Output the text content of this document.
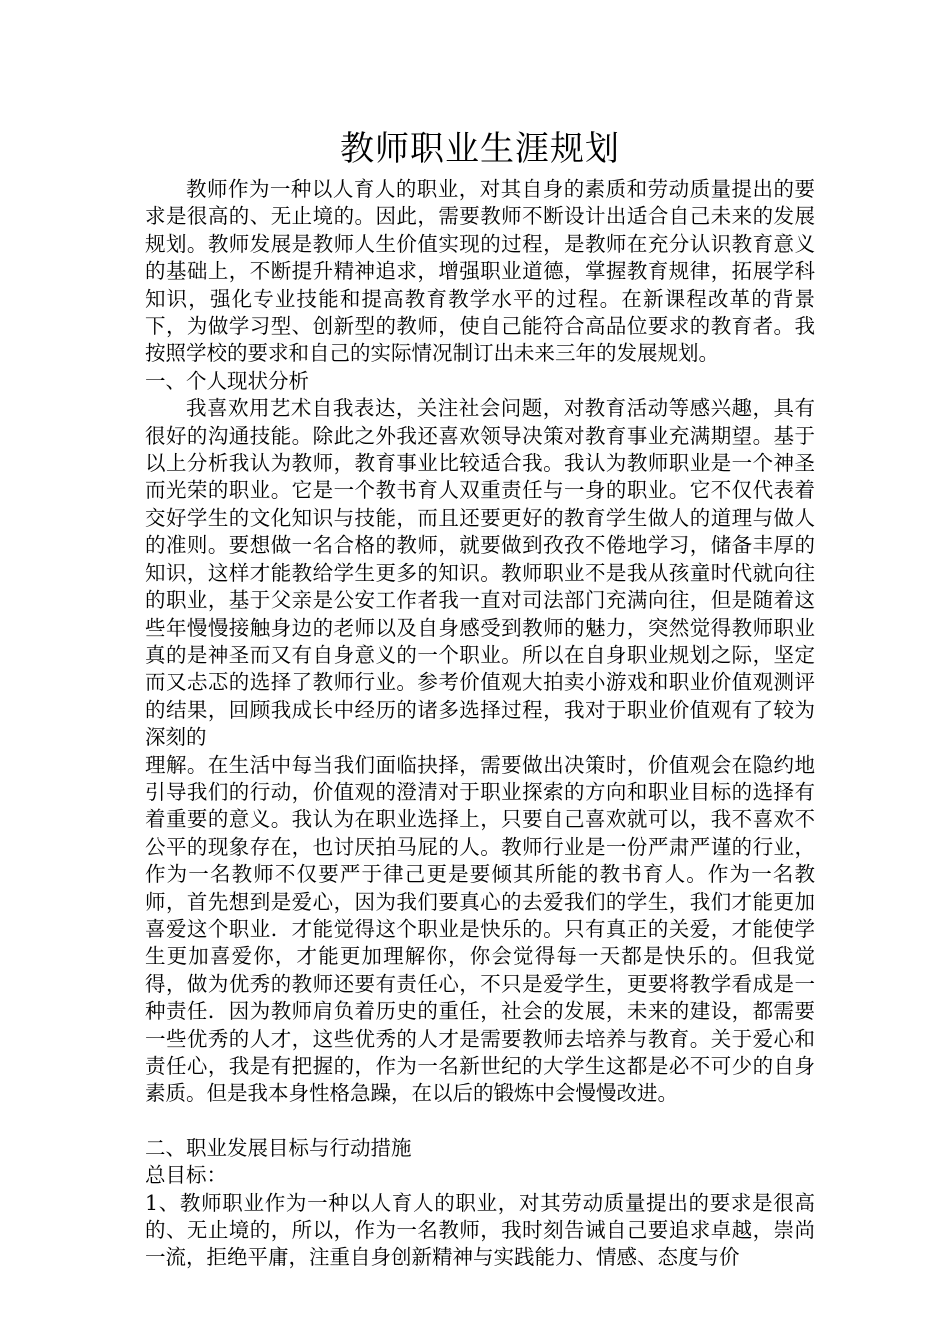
教师职业生涯规划

教师作为一种以人育人的职业，对其自身的素质和劳动质量提出的要求是很高的、无止境的。因此，需要教师不断设计出适合自己未来的发展规划。教师发展是教师人生价值实现的过程，是教师在充分认识教育意义的基础上，不断提升精神追求，增强职业道德，掌握教育规律，拓展学科知识，强化专业技能和提高教育教学水平的过程。在新课程改革的背景下，为做学习型、创新型的教师，使自己能符合高品位要求的教育者。我按照学校的要求和自己的实际情况制订出未来三年的发展规划。

一、个人现状分析

我喜欢用艺术自我表达，关注社会问题，对教育活动等感兴趣，具有很好的沟通技能。除此之外我还喜欢领导决策对教育事业充满期望。基于以上分析我认为教师，教育事业比较适合我。我认为教师职业是一个神圣而光荣的职业。它是一个教书育人双重责任与一身的职业。它不仅代表着交好学生的文化知识与技能，而且还要更好的教育学生做人的道理与做人的准则。要想做一名合格的教师，就要做到孜孜不倦地学习，储备丰厚的知识，这样才能教给学生更多的知识。教师职业不是我从孩童时代就向往的职业，基于父亲是公安工作者我一直对司法部门充满向往，但是随着这些年慢慢接触身边的老师以及自身感受到教师的魅力，突然觉得教师职业真的是神圣而又有自身意义的一个职业。所以在自身职业规划之际，坚定而又忐忑的选择了教师行业。参考价值观大拍卖小游戏和职业价值观测评的结果，回顾我成长中经历的诸多选择过程，我对于职业价值观有了较为深刻的

理解。在生活中每当我们面临抉择，需要做出决策时，价值观会在隐约地引导我们的行动，价值观的澄清对于职业探索的方向和职业目标的选择有着重要的意义。我认为在职业选择上，只要自己喜欢就可以，我不喜欢不公平的现象存在，也讨厌拍马屁的人。教师行业是一份严肃严谨的行业，作为一名教师不仅要严于律己更是要倾其所能的教书育人。作为一名教师，首先想到是爱心，因为我们要真心的去爱我们的学生，我们才能更加喜爱这个职业．才能觉得这个职业是快乐的。只有真正的关爱，才能使学生更加喜爱你，才能更加理解你，你会觉得每一天都是快乐的。但我觉得，做为优秀的教师还要有责任心，不只是爱学生，更要将教学看成是一种责任．因为教师肩负着历史的重任，社会的发展，未来的建设，都需要一些优秀的人才，这些优秀的人才是需要教师去培养与教育。关于爱心和责任心，我是有把握的，作为一名新世纪的大学生这都是必不可少的自身素质。但是我本身性格急躁，在以后的锻炼中会慢慢改进。

二、职业发展目标与行动措施

总目标：

1、教师职业作为一种以人育人的职业，对其劳动质量提出的要求是很高的、无止境的，所以，作为一名教师，我时刻告诫自己要追求卓越，崇尚一流，拒绝平庸，注重自身创新精神与实践能力、情感、态度与价
